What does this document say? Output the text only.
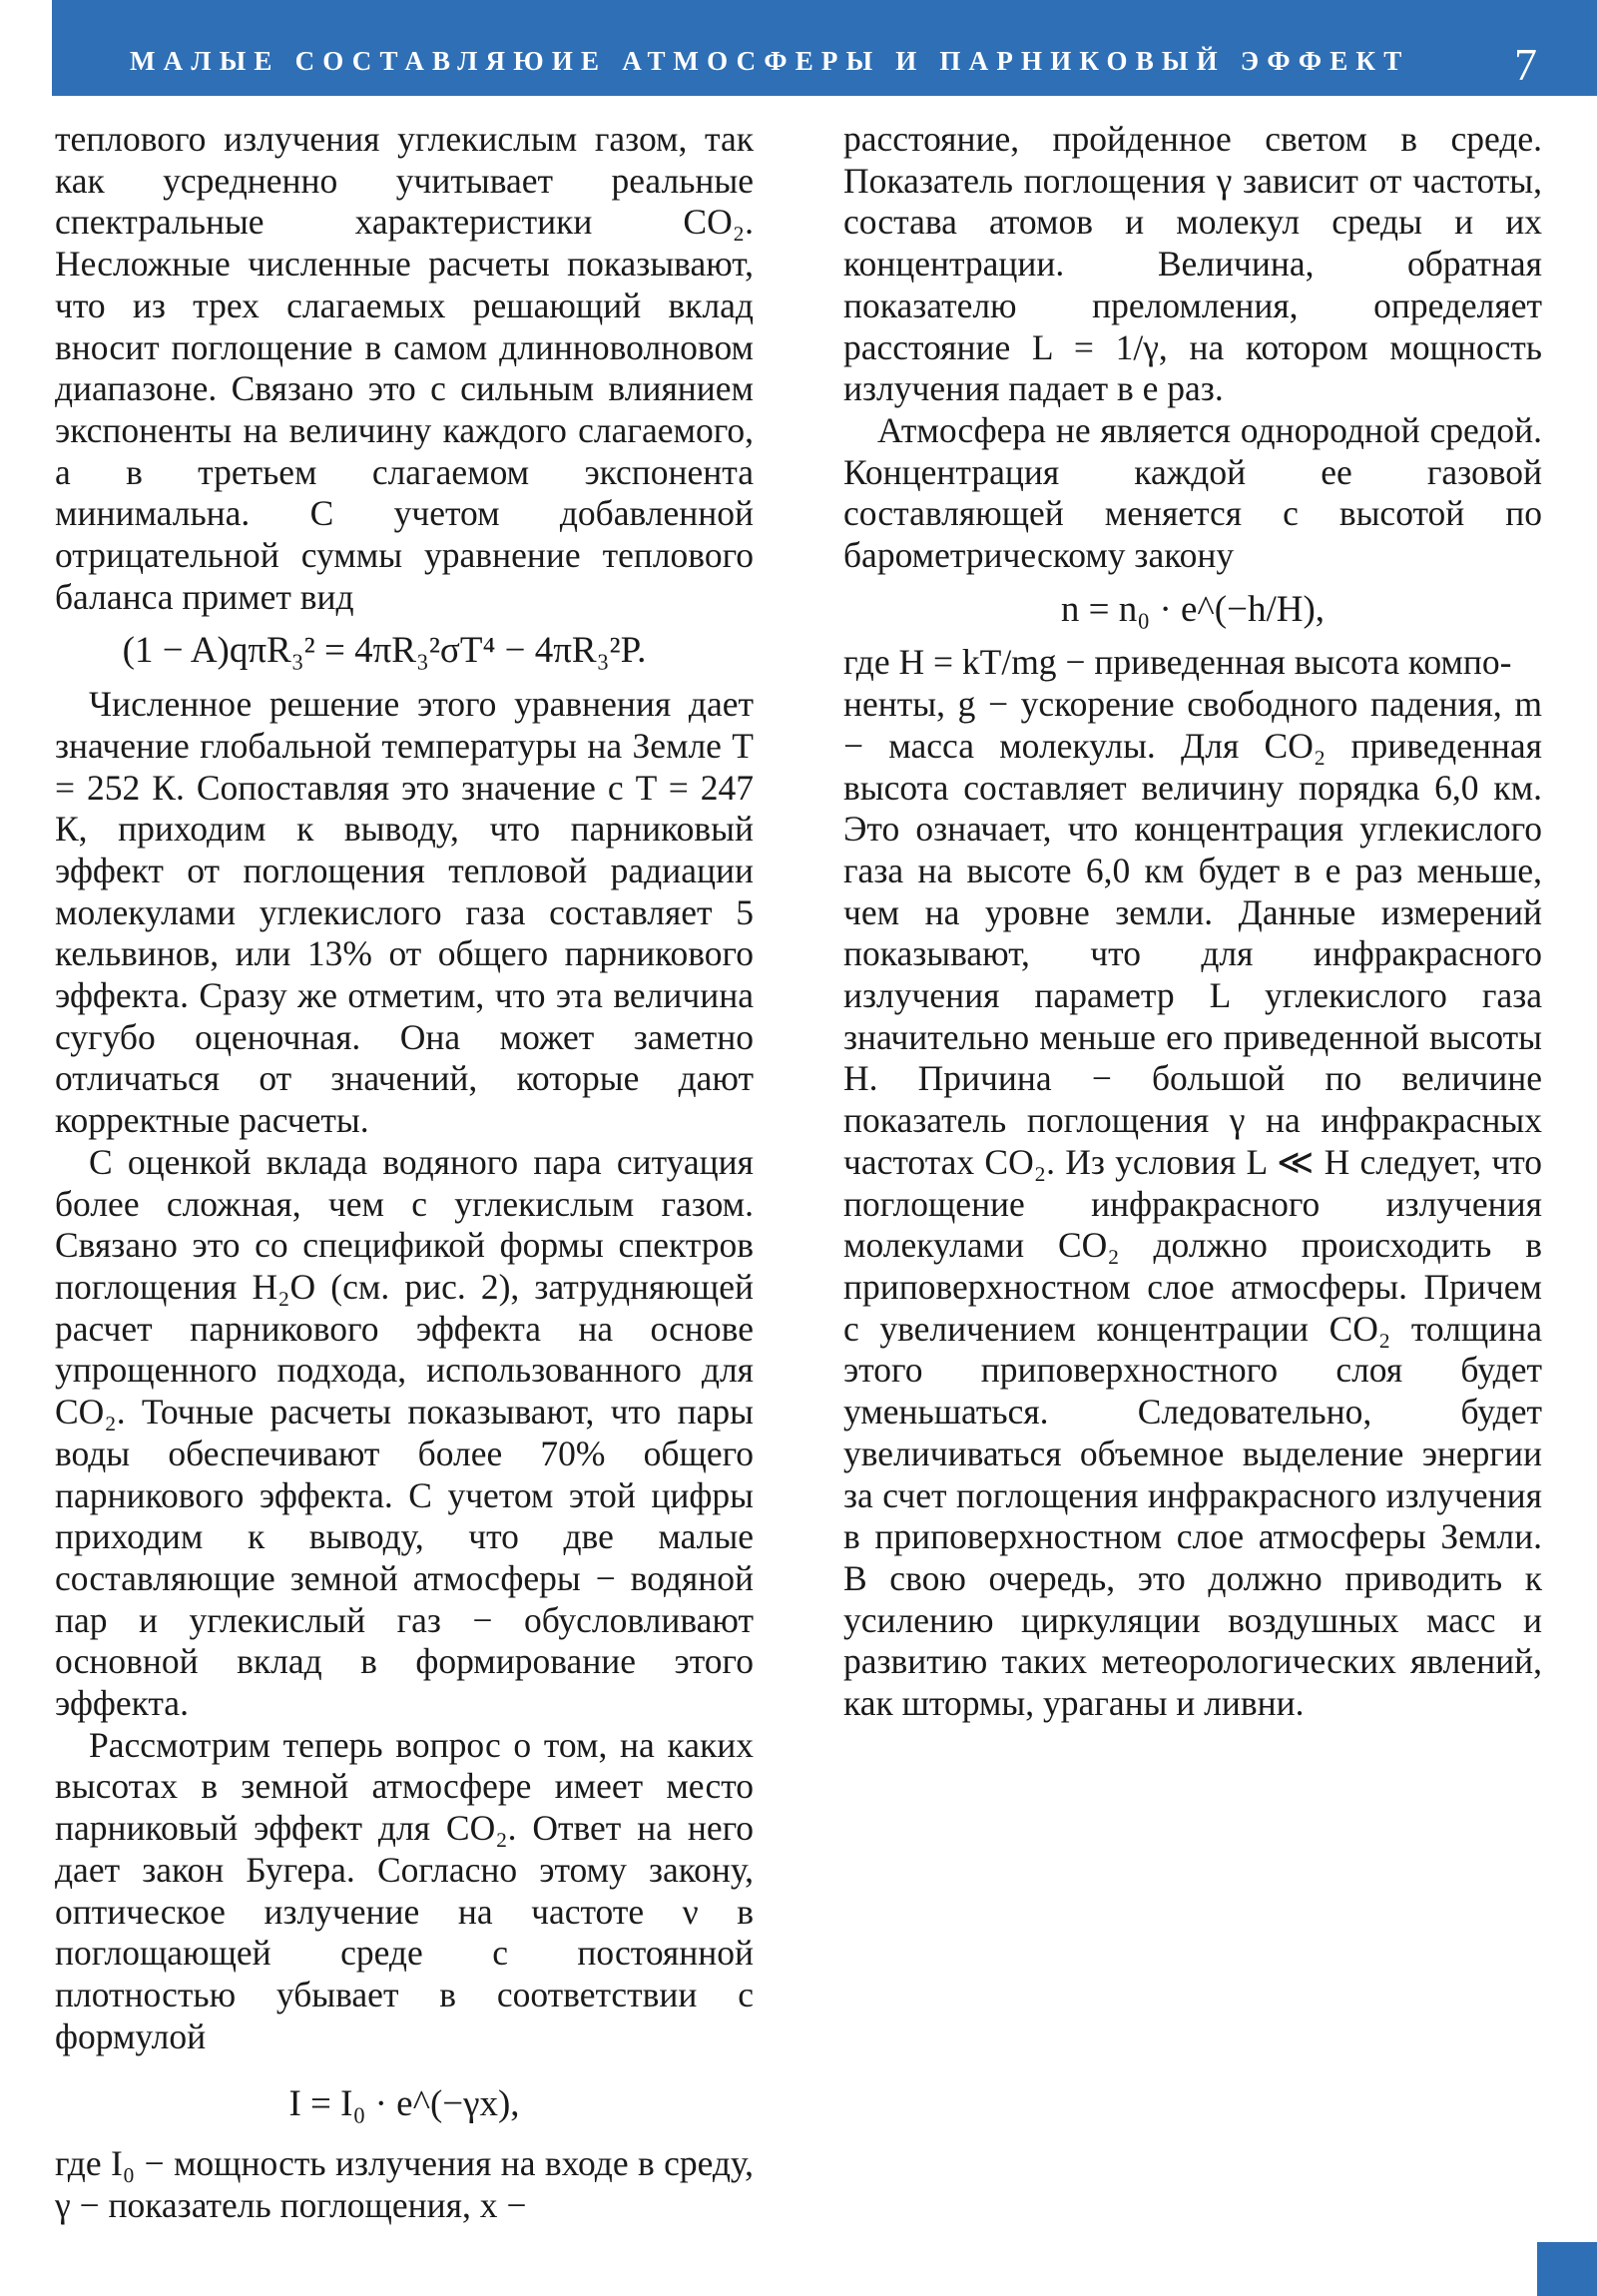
МАЛЫЕ СОСТАВЛЯЮИЕ АТМОСФЕРЫ И ПАРНИКОВЫЙ ЭФФЕКТ 7

теплового излучения углекислым газом, так как усредненно учитывает реальные спектральные характеристики CO₂. Несложные численные расчеты показывают, что из трех слагаемых решающий вклад вносит поглощение в самом длинноволновом диапазоне. Связано это с сильным влиянием экспоненты на величину каждого слагаемого, а в третьем слагаемом экспонента минимальна. С учетом добавленной отрицательной суммы уравнение теплового баланса примет вид

(1 − A)qπR₃² = 4πR₃²σT⁴ − 4πR₃²P.

Численное решение этого уравнения дает значение глобальной температуры на Земле T = 252 К. Сопоставляя это значение с T = 247 К, приходим к выводу, что парниковый эффект от поглощения тепловой радиации молекулами углекислого газа составляет 5 кельвинов, или 13% от общего парникового эффекта. Сразу же отметим, что эта величина сугубо оценочная. Она может заметно отличаться от значений, которые дают корректные расчеты.

С оценкой вклада водяного пара ситуация более сложная, чем с углекислым газом. Связано это со спецификой формы спектров поглощения H₂O (см. рис. 2), затрудняющей расчет парникового эффекта на основе упрощенного подхода, использованного для CO₂. Точные расчеты показывают, что пары воды обеспечивают более 70% общего парникового эффекта. С учетом этой цифры приходим к выводу, что две малые составляющие земной атмосферы − водяной пар и углекислый газ − обусловливают основной вклад в формирование этого эффекта.

Рассмотрим теперь вопрос о том, на каких высотах в земной атмосфере имеет место парниковый эффект для CO₂. Ответ на него дает закон Бугера. Согласно этому закону, оптическое излучение на частоте ν в поглощающей среде с постоянной плотностью убывает в соответствии с формулой

I = I₀ · e^(−γx),

где I₀ − мощность излучения на входе в среду, γ − показатель поглощения, x −

расстояние, пройденное светом в среде. Показатель поглощения γ зависит от частоты, состава атомов и молекул среды и их концентрации. Величина, обратная показателю преломления, определяет расстояние L = 1/γ, на котором мощность излучения падает в e раз.

Атмосфера не является однородной средой. Концентрация каждой ее газовой составляющей меняется с высотой по барометрическому закону

n = n₀ · e^(−h/H),

где H = kT/mg − приведенная высота компо-

ненты, g − ускорение свободного падения, m − масса молекулы. Для CO₂ приведенная высота составляет величину порядка 6,0 км. Это означает, что концентрация углекислого газа на высоте 6,0 км будет в e раз меньше, чем на уровне земли. Данные измерений показывают, что для инфракрасного излучения параметр L углекислого газа значительно меньше его приведенной высоты H. Причина − большой по величине показатель поглощения γ на инфракрасных частотах CO₂. Из условия L ≪ H следует, что поглощение инфракрасного излучения молекулами CO₂ должно происходить в приповерхностном слое атмосферы. Причем с увеличением концентрации CO₂ толщина этого приповерхностного слоя будет уменьшаться. Следовательно, будет увеличиваться объемное выделение энергии за счет поглощения инфракрасного излучения в приповерхностном слое атмосферы Земли. В свою очередь, это должно приводить к усилению циркуляции воздушных масс и развитию таких метеорологических явлений, как штормы, ураганы и ливни.
